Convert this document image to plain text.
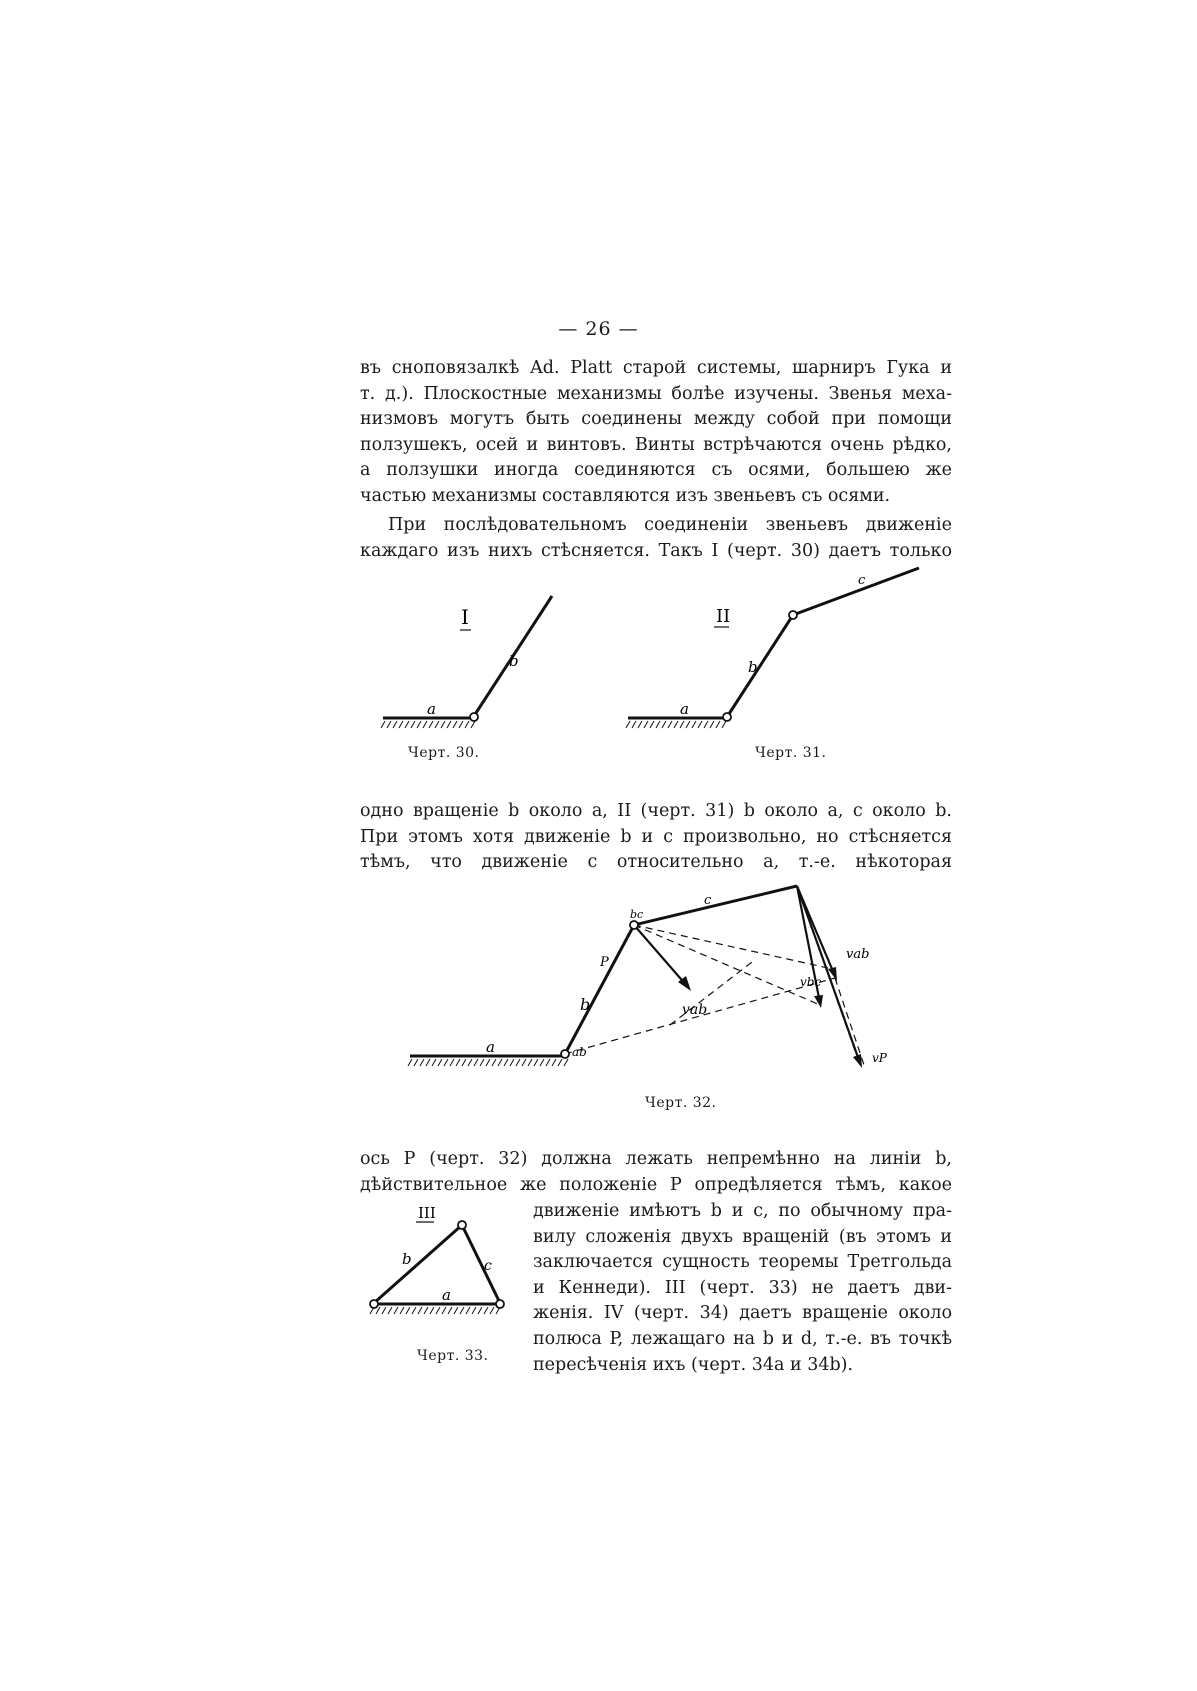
— 26 —
въ сноповязалкѣ Ad. Platt старой системы, шарниръ Гука и
т. д.). Плоскостные механизмы болѣе изучены. Звенья меха-
низмовъ могутъ быть соединены между собой при помощи
ползушекъ, осей и винтовъ. Винты встрѣчаются очень рѣдко,
а ползушки иногда соединяются съ осями, большею же
частью механизмы составляются изъ звеньевъ съ осями.
При послѣдовательномъ соединенiи звеньевъ движенiе
каждаго изъ нихъ стѣсняется. Такъ I (черт. 30) даетъ только
I
a
b
Черт. 30.
II
a
b
c
Черт. 31.
одно вращенiе b около a, II (черт. 31) b около a, c около b.
При этомъ хотя движенiе b и c произвольно, но стѣсняется
тѣмъ, что движенiе c относительно a, т.-е. нѣкоторая
a
b
c
bc
ab
P
vab
vab
vbc
vP
Черт. 32.
ось P (черт. 32) должна лежать непремѣнно на линiи b,
дѣйствительное же положенiе P опредѣляется тѣмъ, какое
III
a
b	c
Черт. 33.
движенiе имѣютъ b и c, по обычному пра-
вилу сложенiя двухъ вращенiй (въ этомъ и
заключается сущность теоремы Третгольда
и Кеннеди). III (черт. 33) не даетъ дви-
женiя. IV (черт. 34) даетъ вращенiе около
полюса P, лежащаго на b и d, т.-е. въ точкѣ
пересѣченiя ихъ (черт. 34a и 34b).
